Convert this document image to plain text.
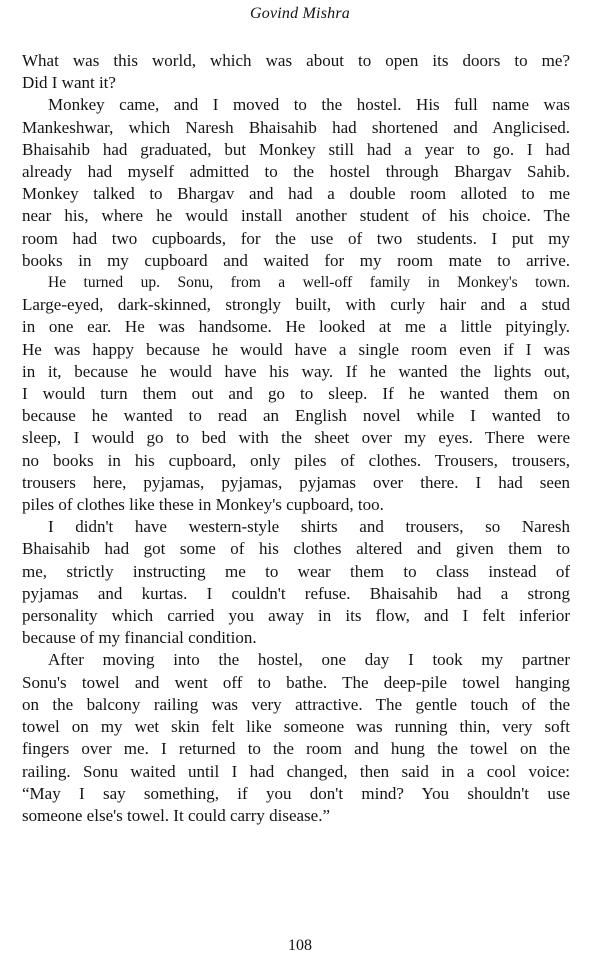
Govind Mishra
What was this world, which was about to open its doors to me?
Did I want it?
Monkey came, and I moved to the hostel. His full name was
Mankeshwar, which Naresh Bhaisahib had shortened and Anglicised.
Bhaisahib had graduated, but Monkey still had a year to go. I had
already had myself admitted to the hostel through Bhargav Sahib.
Monkey talked to Bhargav and had a double room alloted to me
near his, where he would install another student of his choice. The
room had two cupboards, for the use of two students. I put my
books in my cupboard and waited for my room mate to arrive.
He turned up. Sonu, from a well-off family in Monkey's town.
Large-eyed, dark-skinned, strongly built, with curly hair and a stud
in one ear. He was handsome. He looked at me a little pityingly.
He was happy because he would have a single room even if I was
in it, because he would have his way. If he wanted the lights out,
I would turn them out and go to sleep. If he wanted them on
because he wanted to read an English novel while I wanted to
sleep, I would go to bed with the sheet over my eyes. There were
no books in his cupboard, only piles of clothes. Trousers, trousers,
trousers here, pyjamas, pyjamas, pyjamas over there. I had seen
piles of clothes like these in Monkey's cupboard, too.
I didn't have western-style shirts and trousers, so Naresh
Bhaisahib had got some of his clothes altered and given them to
me, strictly instructing me to wear them to class instead of
pyjamas and kurtas. I couldn't refuse. Bhaisahib had a strong
personality which carried you away in its flow, and I felt inferior
because of my financial condition.
After moving into the hostel, one day I took my partner
Sonu's towel and went off to bathe. The deep-pile towel hanging
on the balcony railing was very attractive. The gentle touch of the
towel on my wet skin felt like someone was running thin, very soft
fingers over me. I returned to the room and hung the towel on the
railing. Sonu waited until I had changed, then said in a cool voice:
“May I say something, if you don't mind? You shouldn't use
someone else's towel. It could carry disease.”
108
